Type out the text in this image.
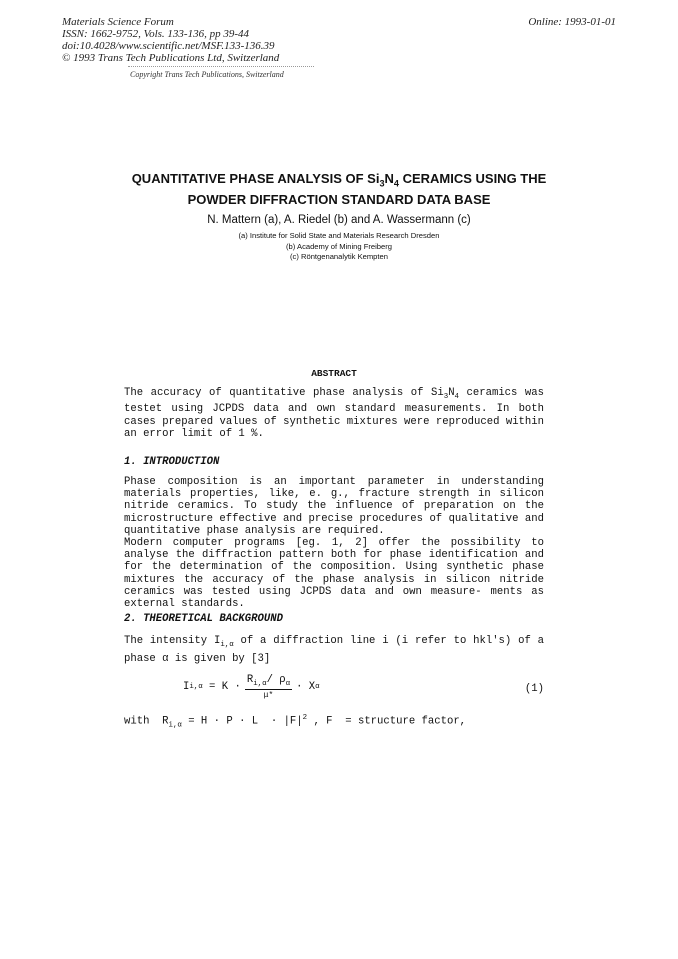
Materials Science Forum
ISSN: 1662-9752, Vols. 133-136, pp 39-44
doi:10.4028/www.scientific.net/MSF.133-136.39
© 1993 Trans Tech Publications Ltd, Switzerland
Online: 1993-01-01
Copyright Trans Tech Publications, Switzerland
QUANTITATIVE PHASE ANALYSIS OF $Si_3N_4$ CERAMICS USING THE
POWDER DIFFRACTION STANDARD DATA BASE
N. Mattern (a), A. Riedel (b) and A. Wassermann (c)
(a) Institute for Solid State and Materials Research Dresden
(b) Academy of Mining Freiberg
(c) Röntgenanalytik Kempten
ABSTRACT
The accuracy of quantitative phase analysis of $Si_3N_4$ ceramics was testet using JCPDS data and own standard measurements. In both cases prepared values of synthetic mixtures were reproduced within an error limit of 1 %.
1. INTRODUCTION
Phase composition is an important parameter in understanding materials properties, like, e. g., fracture strength in silicon nitride ceramics. To study the influence of preparation on the microstructure effective and precise procedures of qualitative and quantitative phase analysis are required.
Modern computer programs [eg. 1, 2] offer the possibility to analyse the diffraction pattern both for phase identification and for the determination of the composition. Using synthetic phase mixtures the accuracy of the phase analysis in silicon nitride ceramics was tested using JCPDS data and own measure- ments as external standards.
2. THEORETICAL BACKGROUND
The intensity $I_{i,\alpha}$ of a diffraction line i (i refer to hkl's) of a phase α is given by [3]
I $i,\alpha = K \cdot \frac{R_{i,\alpha}/ \rho_\alpha}{\mu*} \cdot X$ α	(1)
with  $R_{i,\alpha} = H \cdot P \cdot L \cdot |F|^2$ , F  = structure factor,
